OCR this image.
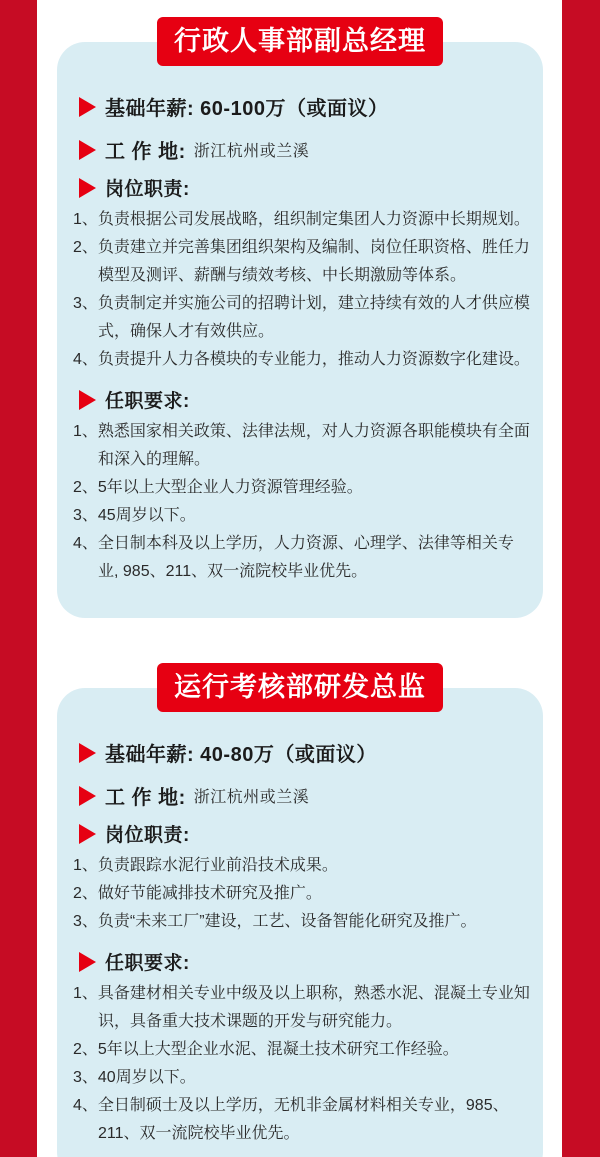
行政人事部副总经理
基础年薪: 60-100万（或面议）
工 作 地: 浙江杭州或兰溪
岗位职责:
1、负责根据公司发展战略，组织制定集团人力资源中长期规划。
2、负责建立并完善集团组织架构及编制、岗位任职资格、胜任力模型及测评、薪酬与绩效考核、中长期激励等体系。
3、负责制定并实施公司的招聘计划，建立持续有效的人才供应模式，确保人才有效供应。
4、负责提升人力各模块的专业能力，推动人力资源数字化建设。
任职要求:
1、熟悉国家相关政策、法律法规，对人力资源各职能模块有全面和深入的理解。
2、5年以上大型企业人力资源管理经验。
3、45周岁以下。
4、全日制本科及以上学历，人力资源、心理学、法律等相关专业, 985、211、双一流院校毕业优先。
运行考核部研发总监
基础年薪: 40-80万（或面议）
工 作 地: 浙江杭州或兰溪
岗位职责:
1、负责跟踪水泥行业前沿技术成果。
2、做好节能减排技术研究及推广。
3、负责“未来工厂”建设，工艺、设备智能化研究及推广。
任职要求:
1、具备建材相关专业中级及以上职称，熟悉水泥、混凝土专业知识，具备重大技术课题的开发与研究能力。
2、5年以上大型企业水泥、混凝土技术研究工作经验。
3、40周岁以下。
4、全日制硕士及以上学历，无机非金属材料相关专业，985、211、双一流院校毕业优先。
